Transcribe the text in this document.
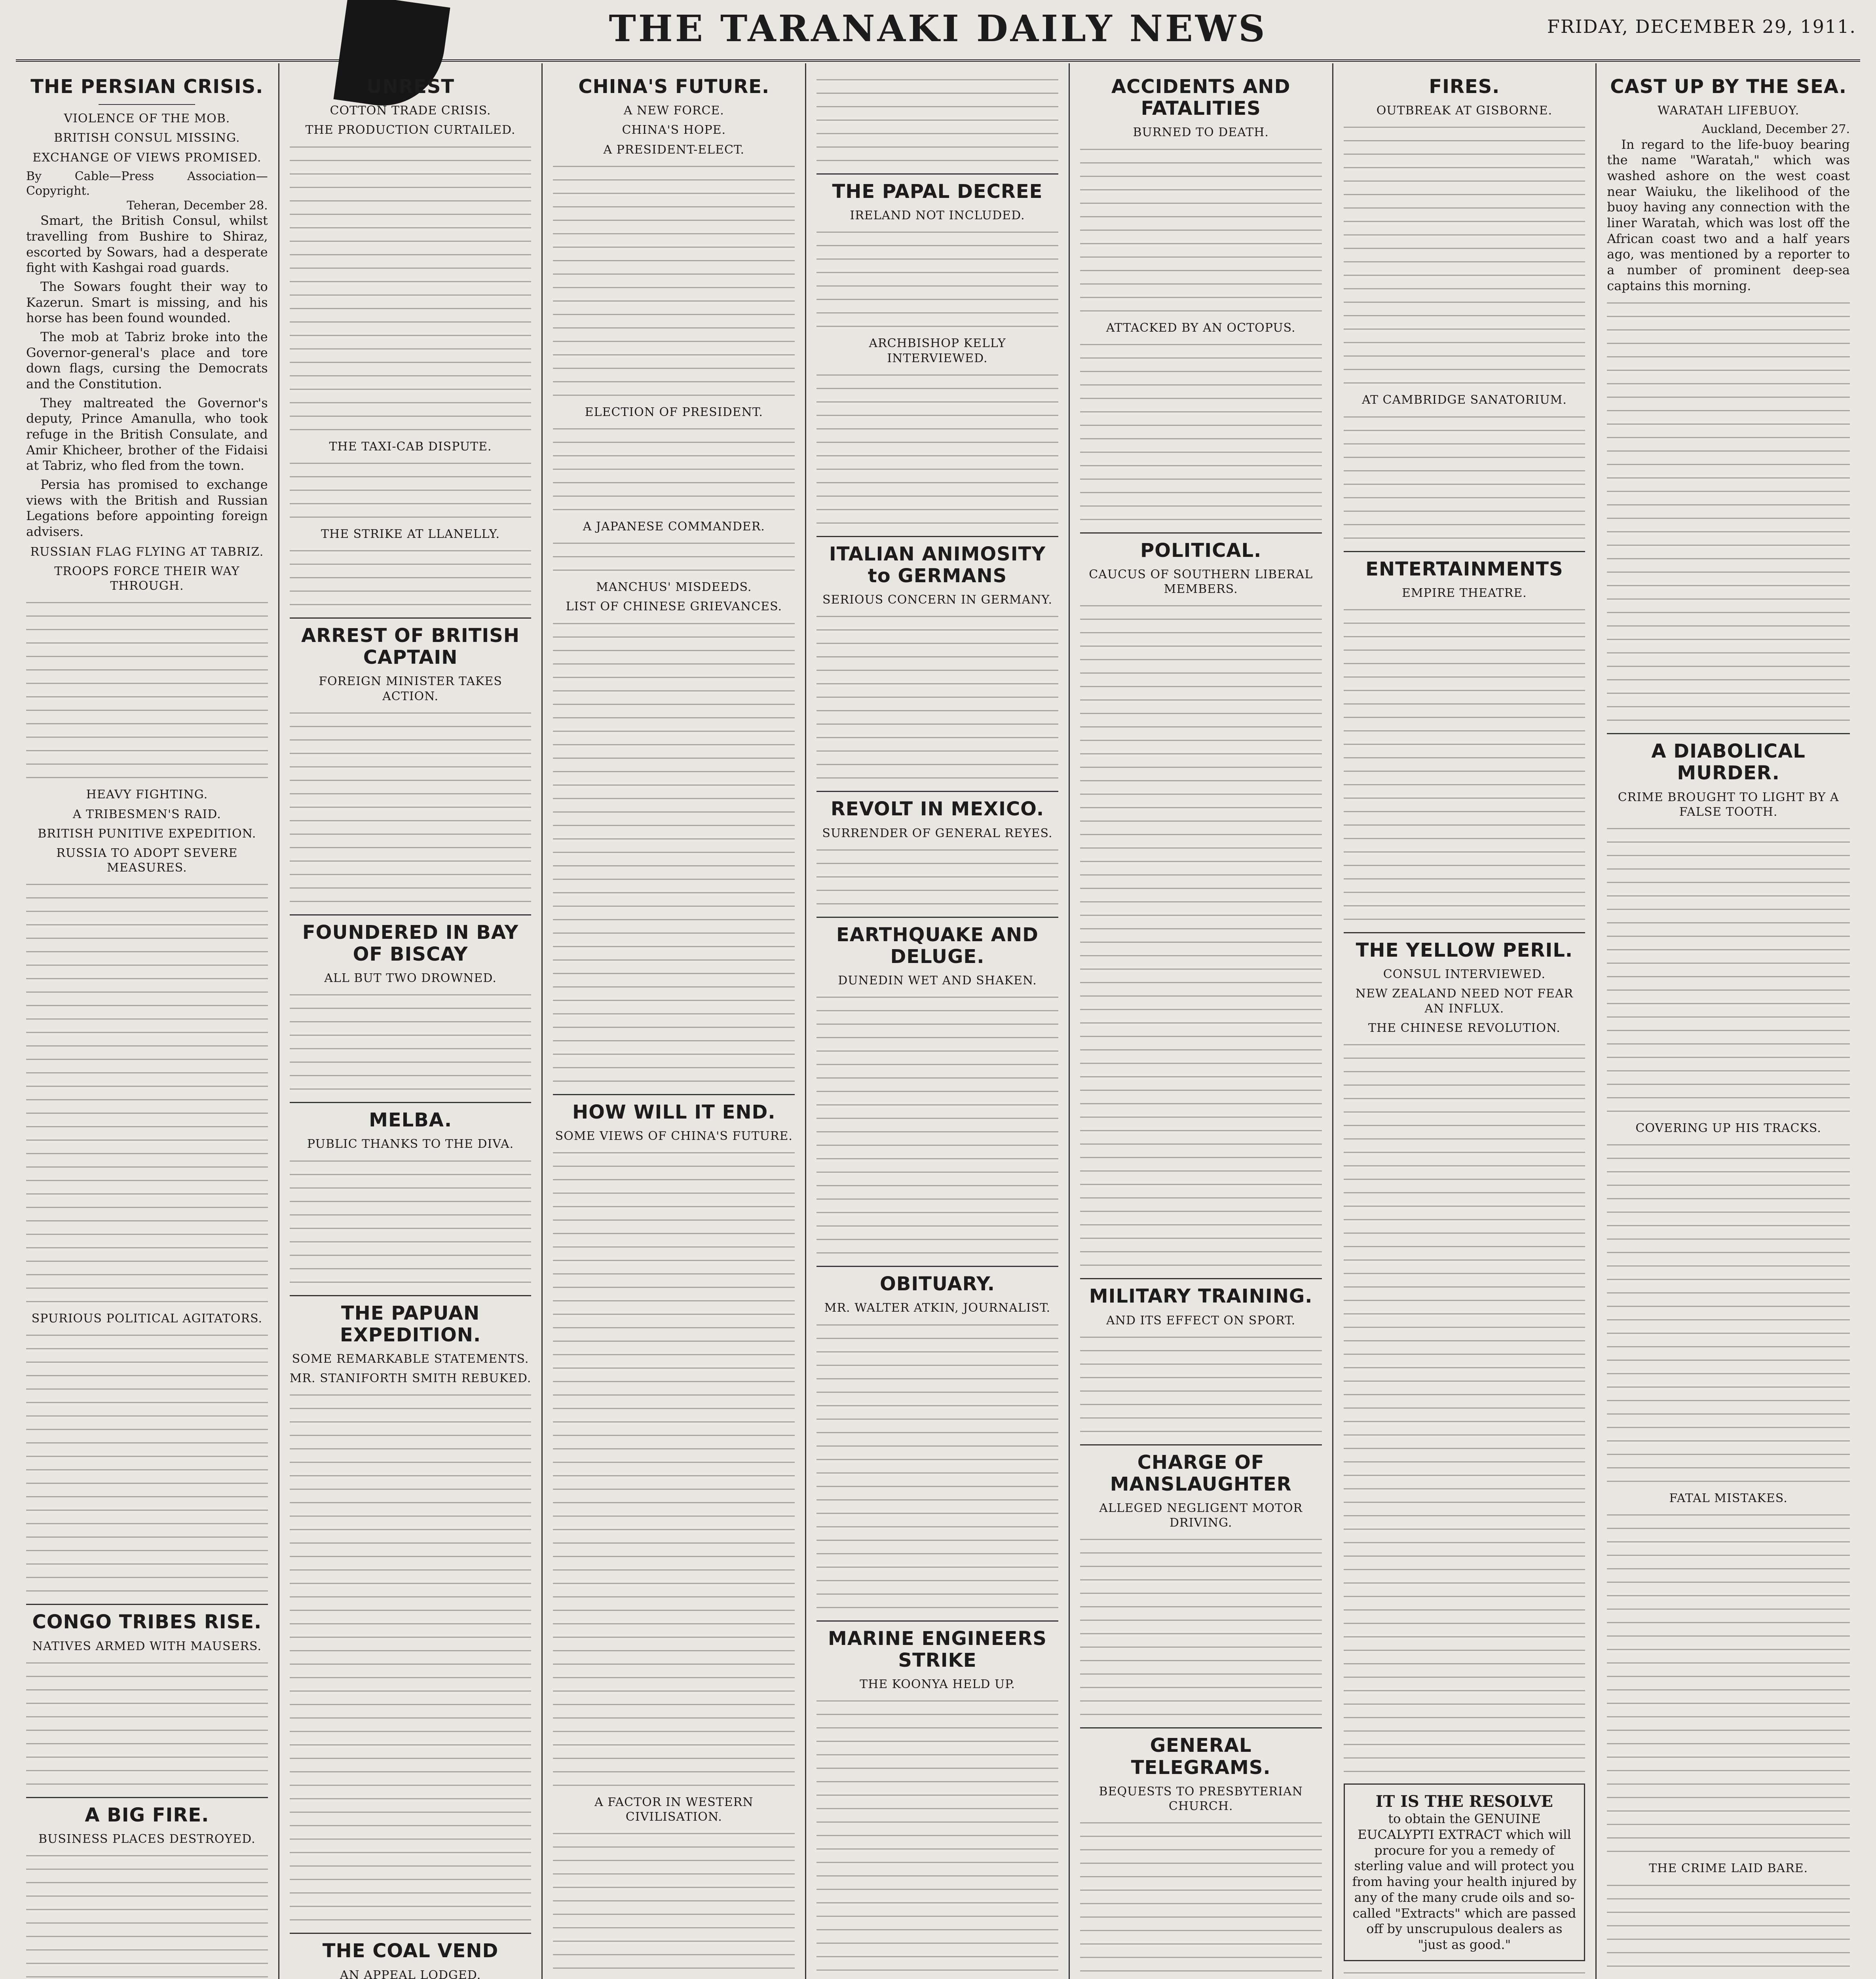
THE TARANAKI DAILY NEWS	FRIDAY, DECEMBER 29, 1911.
THE PERSIAN CRISIS.
VIOLENCE OF THE MOB.
BRITISH CONSUL MISSING.
EXCHANGE OF VIEWS PROMISED.
By Cable—Press Association—Copyright.
Teheran, December 28.

Smart, the British Consul, whilst travelling from Bushire to Shiraz, escorted by Sowars, had a desperate fight with Kashgai road guards.

The Sowars fought their way to Kazerun. Smart is missing, and his horse has been found wounded.

The mob at Tabriz broke into the Governor-general's place and tore down flags, cursing the Democrats and the Constitution.

They maltreated the Governor's deputy, Prince Amanulla, who took refuge in the British Consulate, and Amir Khicheer, brother of the Fidaisi at Tabriz, who fled from the town.

Persia has promised to exchange views with the British and Russian Legations before appointing foreign advisers.

RUSSIAN FLAG FLYING AT TABRIZ.
TROOPS FORCE THEIR WAY THROUGH.
HEAVY FIGHTING.
A TRIBESMEN'S RAID.
BRITISH PUNITIVE EXPEDITION.
RUSSIA TO ADOPT SEVERE MEASURES.
SPURIOUS POLITICAL AGITATORS.
CONGO TRIBES RISE.
NATIVES ARMED WITH MAUSERS.
A BIG FIRE.
BUSINESS PLACES DESTROYED.
UNREST
COTTON TRADE CRISIS.
THE PRODUCTION CURTAILED.
THE TAXI-CAB DISPUTE.
THE STRIKE AT LLANELLY.
ARREST OF BRITISH CAPTAIN
FOREIGN MINISTER TAKES ACTION.
FOUNDERED IN BAY OF BISCAY
ALL BUT TWO DROWNED.
MELBA.
PUBLIC THANKS TO THE DIVA.
THE PAPUAN EXPEDITION.
SOME REMARKABLE STATEMENTS.
MR. STANIFORTH SMITH REBUKED.
THE COAL VEND
AN APPEAL LODGED.
CHINA'S FUTURE.
A NEW FORCE.
CHINA'S HOPE.
A PRESIDENT-ELECT.
ELECTION OF PRESIDENT.
A JAPANESE COMMANDER.
MANCHUS' MISDEEDS.
LIST OF CHINESE GRIEVANCES.
HOW WILL IT END.
SOME VIEWS OF CHINA'S FUTURE.
A FACTOR IN WESTERN CIVILISATION.
THE PAPAL DECREE
IRELAND NOT INCLUDED.
ARCHBISHOP KELLY INTERVIEWED.
ITALIAN ANIMOSITY to GERMANS
SERIOUS CONCERN IN GERMANY.
REVOLT IN MEXICO.
SURRENDER OF GENERAL REYES.
EARTHQUAKE AND DELUGE.
DUNEDIN WET AND SHAKEN.
OBITUARY.
MR. WALTER ATKIN, JOURNALIST.
MARINE ENGINEERS STRIKE
THE KOONYA HELD UP.
ACCIDENTS AND FATALITIES
BURNED TO DEATH.
ATTACKED BY AN OCTOPUS.
POLITICAL.
CAUCUS OF SOUTHERN LIBERAL MEMBERS.
MILITARY TRAINING.
AND ITS EFFECT ON SPORT.
CHARGE OF MANSLAUGHTER
ALLEGED NEGLIGENT MOTOR DRIVING.
GENERAL TELEGRAMS.
BEQUESTS TO PRESBYTERIAN CHURCH.
FIRES.
OUTBREAK AT GISBORNE.
AT CAMBRIDGE SANATORIUM.
ENTERTAINMENTS
EMPIRE THEATRE.
THE YELLOW PERIL.
CONSUL INTERVIEWED.
NEW ZEALAND NEED NOT FEAR AN INFLUX.
THE CHINESE REVOLUTION.
IT IS THE RESOLVE
to obtain the GENUINE EUCALYPTI EXTRACT which will procure for you a remedy of sterling value and will protect you from having your health injured by any of the many crude oils and so-called "Extracts" which are passed off by unscrupulous dealers as "just as good."
CAST UP BY THE SEA.
WARATAH LIFEBUOY.
Auckland, December 27.

In regard to the life-buoy bearing the name "Waratah," which was washed ashore on the west coast near Waiuku, the likelihood of the buoy having any connection with the liner Waratah, which was lost off the African coast two and a half years ago, was mentioned by a reporter to a number of prominent deep-sea captains this morning.

A DIABOLICAL MURDER.
CRIME BROUGHT TO LIGHT BY A FALSE TOOTH.
COVERING UP HIS TRACKS.
FATAL MISTAKES.
THE CRIME LAID BARE.
